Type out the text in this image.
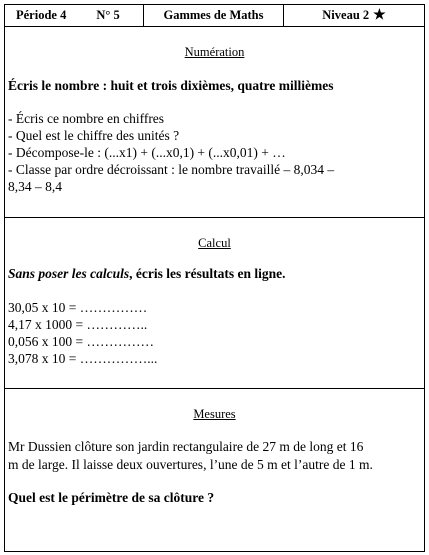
Période 4 N° 5	Gammes de Maths	Niveau 2 ★
Numération
Écris le nombre : huit et trois dixièmes, quatre millièmes
- Écris ce nombre en chiffres
- Quel est le chiffre des unités ?
- Décompose-le : (...x1) + (...x0,1) + (...x0,01) + …
- Classe par ordre décroissant : le nombre travaillé – 8,034 –
8,34 – 8,4
Calcul
Sans poser les calculs, écris les résultats en ligne.
30,05 x 10 = ……………
4,17 x 1000 = …………..
0,056 x 100 = ……………
3,078 x 10 = ……………...
Mesures
Mr Dussien clôture son jardin rectangulaire de 27 m de long et 16
m de large. Il laisse deux ouvertures, l’une de 5 m et l’autre de 1 m.
Quel est le périmètre de sa clôture ?
